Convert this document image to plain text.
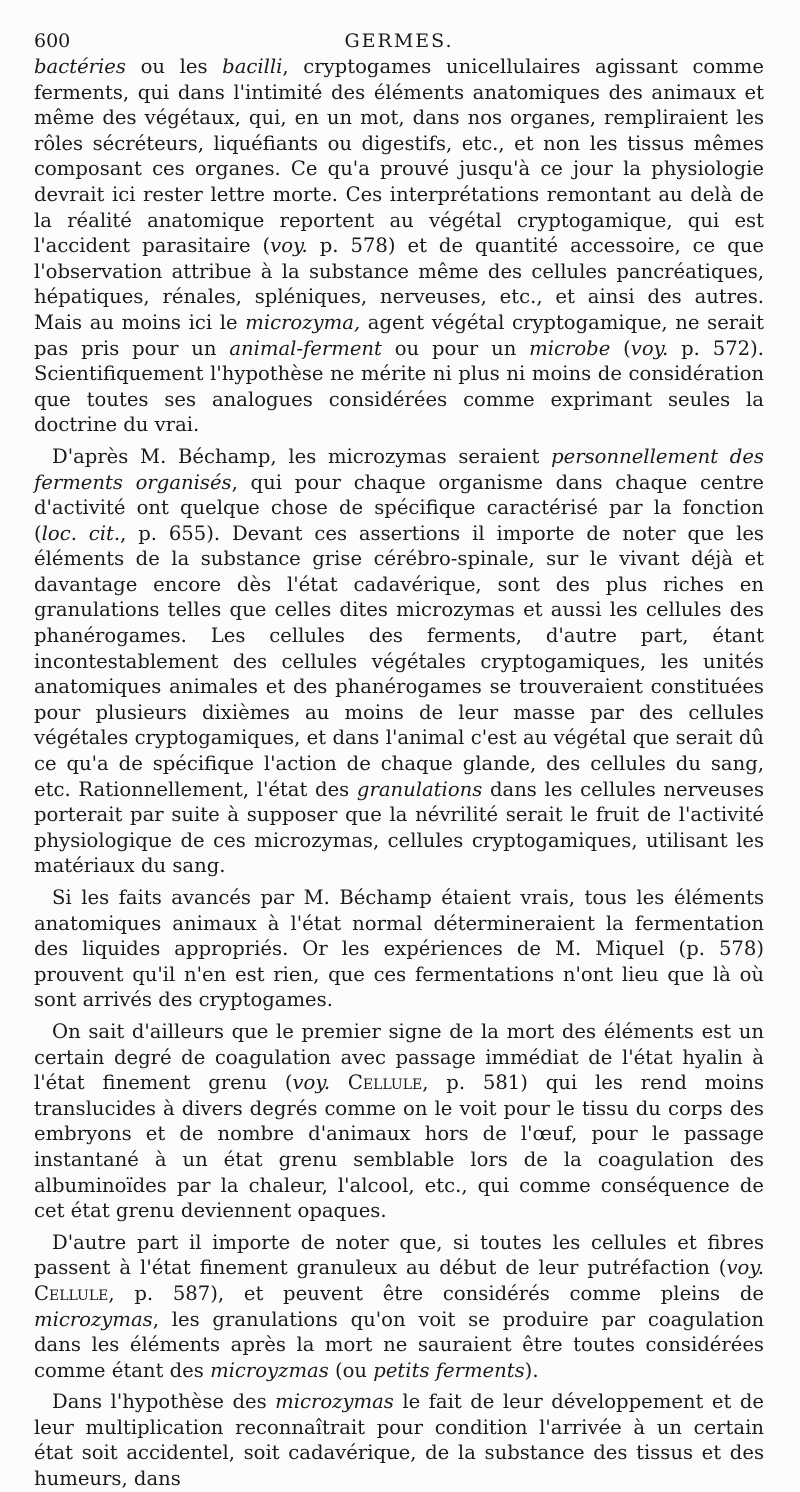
600	GERMES.

bactéries ou les bacilli, cryptogames unicellulaires agissant comme ferments, qui dans l'intimité des éléments anatomiques des animaux et même des végétaux, qui, en un mot, dans nos organes, rempliraient les rôles sécréteurs, liquéfiants ou digestifs, etc., et non les tissus mêmes composant ces organes. Ce qu'a prouvé jusqu'à ce jour la physiologie devrait ici rester lettre morte. Ces interprétations remontant au delà de la réalité anatomique reportent au végétal cryptogamique, qui est l'accident parasitaire (voy. p. 578) et de quantité accessoire, ce que l'observation attribue à la substance même des cellules pancréatiques, hépatiques, rénales, spléniques, nerveuses, etc., et ainsi des autres. Mais au moins ici le microzyma, agent végétal cryptogamique, ne serait pas pris pour un animal-ferment ou pour un microbe (voy. p. 572). Scientifiquement l'hypothèse ne mérite ni plus ni moins de considération que toutes ses analogues considérées comme exprimant seules la doctrine du vrai.

D'après M. Béchamp, les microzymas seraient personnellement des ferments organisés, qui pour chaque organisme dans chaque centre d'activité ont quelque chose de spécifique caractérisé par la fonction (loc. cit., p. 655). Devant ces assertions il importe de noter que les éléments de la substance grise cérébro-spinale, sur le vivant déjà et davantage encore dès l'état cadavérique, sont des plus riches en granulations telles que celles dites microzymas et aussi les cellules des phanérogames. Les cellules des ferments, d'autre part, étant incontestablement des cellules végétales cryptogamiques, les unités anatomiques animales et des phanérogames se trouveraient constituées pour plusieurs dixièmes au moins de leur masse par des cellules végétales cryptogamiques, et dans l'animal c'est au végétal que serait dû ce qu'a de spécifique l'action de chaque glande, des cellules du sang, etc. Rationnellement, l'état des granulations dans les cellules nerveuses porterait par suite à supposer que la névrilité serait le fruit de l'activité physiologique de ces microzymas, cellules cryptogamiques, utilisant les matériaux du sang.

Si les faits avancés par M. Béchamp étaient vrais, tous les éléments anatomiques animaux à l'état normal détermineraient la fermentation des liquides appropriés. Or les expériences de M. Miquel (p. 578) prouvent qu'il n'en est rien, que ces fermentations n'ont lieu que là où sont arrivés des cryptogames.

On sait d'ailleurs que le premier signe de la mort des éléments est un certain degré de coagulation avec passage immédiat de l'état hyalin à l'état finement grenu (voy. Cellule, p. 581) qui les rend moins translucides à divers degrés comme on le voit pour le tissu du corps des embryons et de nombre d'animaux hors de l'œuf, pour le passage instantané à un état grenu semblable lors de la coagulation des albuminoïdes par la chaleur, l'alcool, etc., qui comme conséquence de cet état grenu deviennent opaques.

D'autre part il importe de noter que, si toutes les cellules et fibres passent à l'état finement granuleux au début de leur putréfaction (voy. Cellule, p. 587), et peuvent être considérés comme pleins de microzymas, les granulations qu'on voit se produire par coagulation dans les éléments après la mort ne sauraient être toutes considérées comme étant des microyzmas (ou petits ferments).

Dans l'hypothèse des microzymas le fait de leur développement et de leur multiplication reconnaîtrait pour condition l'arrivée à un certain état soit accidentel, soit cadavérique, de la substance des tissus et des humeurs, dans
